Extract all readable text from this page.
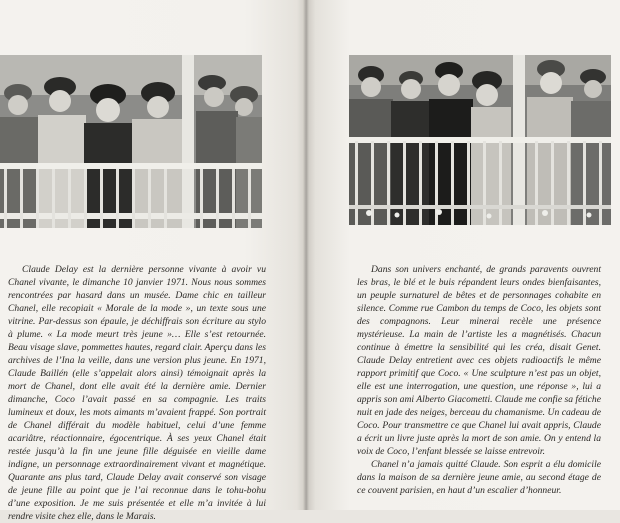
Claude Delay est la dernière personne vivante à avoir vu Chanel vivante, le dimanche 10 janvier 1971. Nous nous sommes rencontrées par hasard dans un musée. Dame chic en tailleur Chanel, elle recopiait « Morale de la mode », un texte sous une vitrine. Par-dessus son épaule, je déchiffrais son écriture au stylo à plume. « La mode meurt très jeune »… Elle s’est retournée. Beau visage slave, pommettes hautes, regard clair. Aperçu dans les archives de l’Ina la veille, dans une version plus jeune. En 1971, Claude Baillén (elle s’appelait alors ainsi) témoignait après la mort de Chanel, dont elle avait été la dernière amie. Dernier dimanche, Coco l’avait passé en sa compagnie. Les traits lumineux et doux, les mots aimants m’avaient frappé. Son portrait de Chanel différait du modèle habituel, celui d’une femme acariâtre, réactionnaire, égocentrique. À ses yeux Chanel était restée jusqu’à la fin une jeune fille déguisée en vieille dame indigne, un personnage extraordinairement vivant et magnétique. Quarante ans plus tard, Claude Delay avait conservé son visage de jeune fille au point que je l’ai reconnue dans le tohu-bohu d’une exposition. Je me suis présentée et elle m’a invitée à lui rendre visite chez elle, dans le Marais.

Dans son univers enchanté, de grands paravents ouvrent les bras, le blé et le buis répandent leurs ondes bienfaisantes, un peuple surnaturel de bêtes et de personnages cohabite en silence. Comme rue Cambon du temps de Coco, les objets sont des compagnons. Leur minerai recèle une présence mystérieuse. La main de l’artiste les a magnétisés. Chacun continue à émettre la sensibilité qui les créa, disait Genet. Claude Delay entretient avec ces objets radioactifs le même rapport primitif que Coco. « Une sculpture n’est pas un objet, elle est une interrogation, une question, une réponse », lui a appris son ami Alberto Giacometti. Claude me confie sa fétiche nuit en jade des neiges, berceau du chamanisme. Un cadeau de Coco. Pour transmettre ce que Chanel lui avait appris, Claude a écrit un livre juste après la mort de son amie. On y entend la voix de Coco, l’enfant blessée se laisse entrevoir.

Chanel n’a jamais quitté Claude. Son esprit a élu domicile dans la maison de sa dernière jeune amie, au second étage de ce couvent parisien, en haut d’un escalier d’honneur.
